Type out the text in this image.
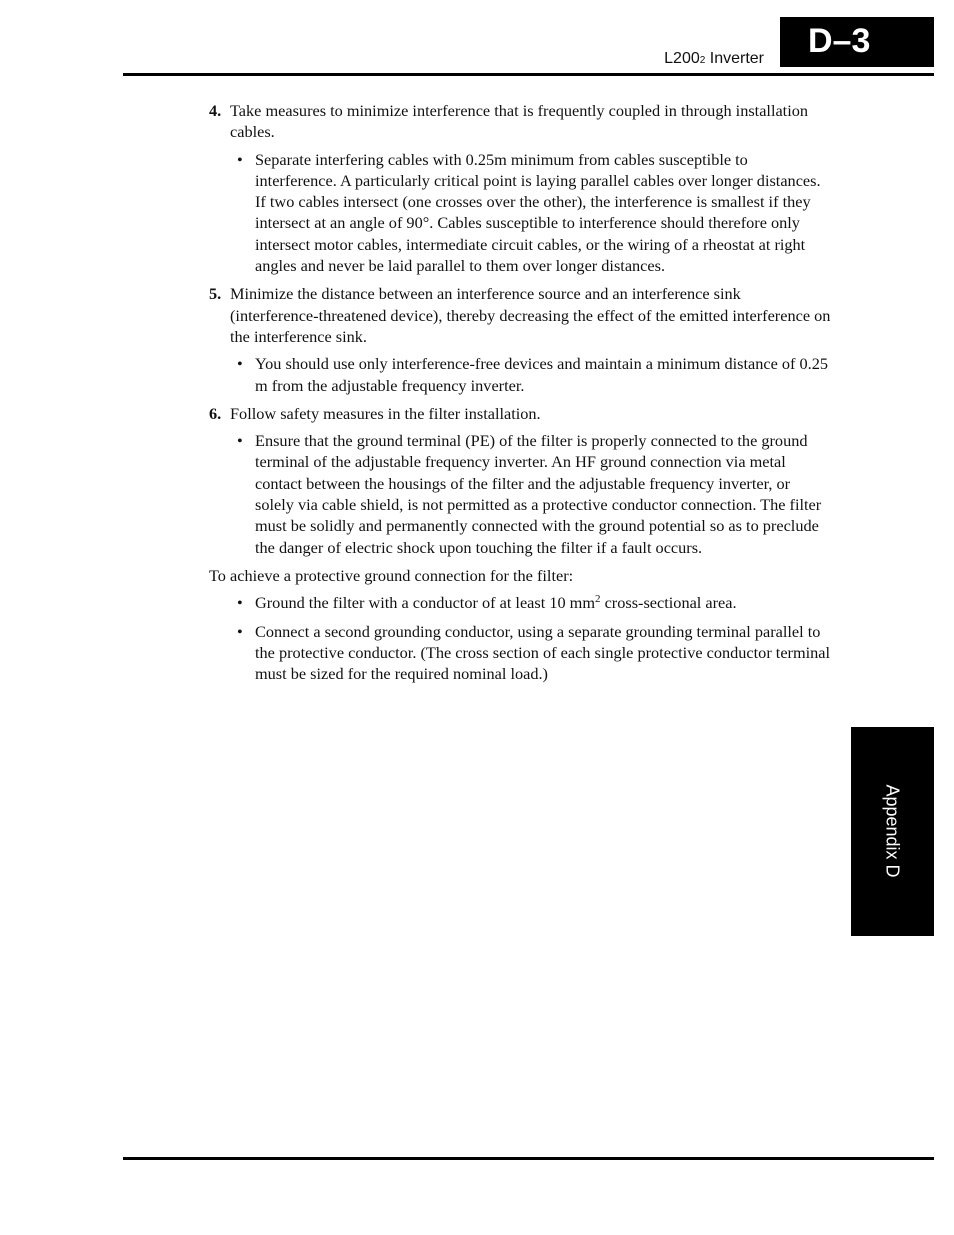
L2002 Inverter	D–3
4. Take measures to minimize interference that is frequently coupled in through installation cables.
• Separate interfering cables with 0.25m minimum from cables susceptible to interference. A particularly critical point is laying parallel cables over longer distances. If two cables intersect (one crosses over the other), the interference is smallest if they intersect at an angle of 90°. Cables susceptible to interference should therefore only intersect motor cables, intermediate circuit cables, or the wiring of a rheostat at right angles and never be laid parallel to them over longer distances.
5. Minimize the distance between an interference source and an interference sink (interference-threatened device), thereby decreasing the effect of the emitted interference on the interference sink.
• You should use only interference-free devices and maintain a minimum distance of 0.25 m from the adjustable frequency inverter.
6. Follow safety measures in the filter installation.
• Ensure that the ground terminal (PE) of the filter is properly connected to the ground terminal of the adjustable frequency inverter. An HF ground connection via metal contact between the housings of the filter and the adjustable frequency inverter, or solely via cable shield, is not permitted as a protective conductor connection. The filter must be solidly and permanently connected with the ground potential so as to preclude the danger of electric shock upon touching the filter if a fault occurs.

To achieve a protective ground connection for the filter:

• Ground the filter with a conductor of at least 10 $mm^2$ cross-sectional area.
• Connect a second grounding conductor, using a separate grounding terminal parallel to the protective conductor. (The cross section of each single protective conductor terminal must be sized for the required nominal load.)
Appendix D
